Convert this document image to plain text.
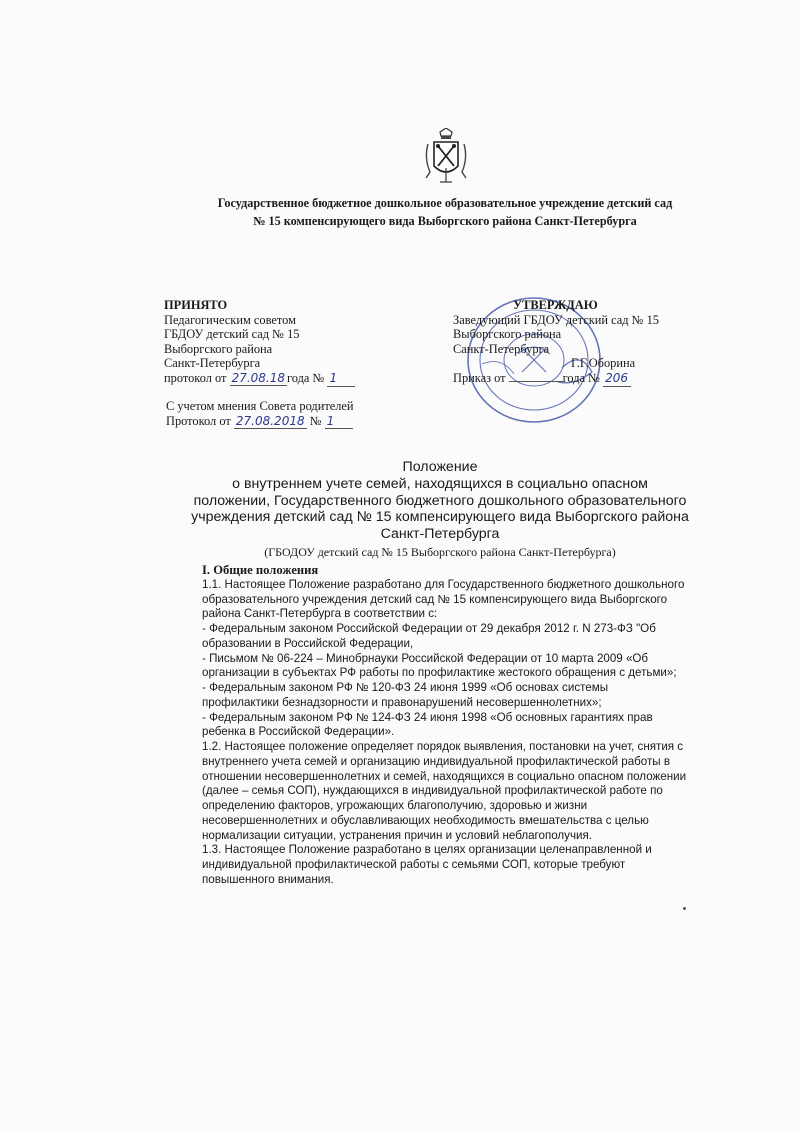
Государственное бюджетное дошкольное образовательное учреждение детский сад
№ 15 компенсирующего вида Выборгского района Санкт-Петербурга
ПРИНЯТО
Педагогическим советом
ГБДОУ детский сад № 15
Выборгского района
Санкт-Петербурга
протокол от 27.08.18 года № 1
С учетом мнения Совета родителей
Протокол от 27.08.2018 № 1
УТВЕРЖДАЮ
Заведующий ГБДОУ детский сад № 15
Выборгского района
Санкт-Петербурга
Г.Г.Оборина
Приказ от	года № 206
Положение
о внутреннем учете семей, находящихся в социально опасном
положении, Государственного бюджетного дошкольного образовательного
учреждения детский сад № 15 компенсирующего вида Выборгского района
Санкт-Петербурга
(ГБОДОУ детский сад № 15 Выборгского района Санкт-Петербурга)
I. Общие положения

1.1. Настоящее Положение разработано для Государственного бюджетного дошкольного

образовательного учреждения детский сад № 15 компенсирующего вида Выборгского

района Санкт-Петербурга в соответствии с:

- Федеральным законом Российской Федерации от 29 декабря 2012 г. N 273-ФЗ "Об

образовании в Российской Федерации,

- Письмом № 06-224 – Минобрнауки Российской Федерации от 10 марта 2009 «Об

организации в субъектах РФ работы по профилактике жестокого обращения с детьми»;

- Федеральным законом РФ № 120-ФЗ 24 июня 1999 «Об основах системы

профилактики безнадзорности и правонарушений несовершеннолетних»;

- Федеральным законом РФ № 124-ФЗ 24 июня 1998 «Об основных гарантиях прав

ребенка в Российской Федерации».

1.2. Настоящее положение определяет порядок выявления, постановки на учет, снятия с

внутреннего учета семей и организацию индивидуальной профилактической работы в

отношении несовершеннолетних и семей, находящихся в социально опасном положении

(далее – семья СОП), нуждающихся в индивидуальной профилактической работе по

определению факторов, угрожающих благополучию, здоровью и жизни

несовершеннолетних и обуславливающих необходимость вмешательства с целью

нормализации ситуации, устранения причин и условий неблагополучия.

1.3. Настоящее Положение разработано в целях организации целенаправленной и

индивидуальной профилактической работы с семьями СОП, которые требуют

повышенного внимания.
